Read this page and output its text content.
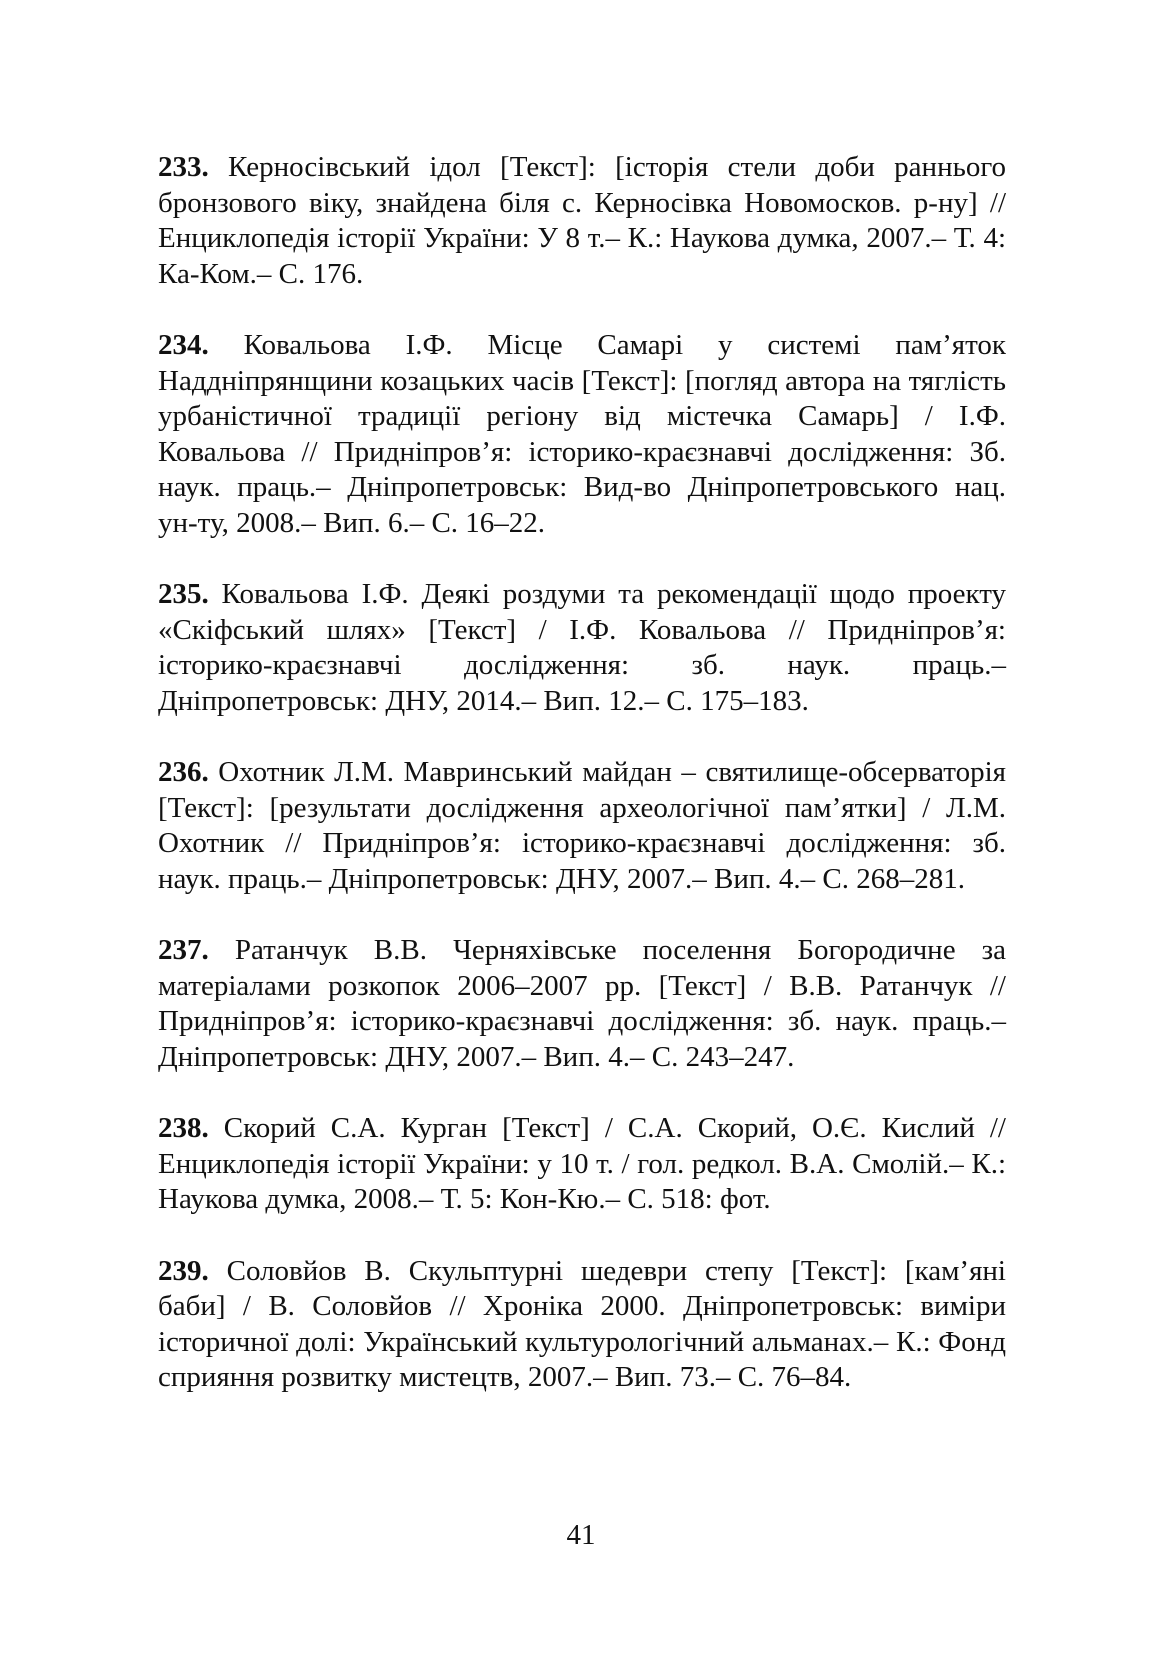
233. Керносівський ідол [Текст]: [історія стели доби раннього бронзового віку, знайдена біля с. Керносівка Новомосков. р-ну] // Енциклопедія історії України: У 8 т.– К.: Наукова думка, 2007.– Т. 4: Ка-Ком.– С. 176.

234. Ковальова І.Ф. Місце Самарі у системі пам’яток Наддніпрянщини козацьких часів [Текст]: [погляд автора на тяглість урбаністичної традиції регіону від містечка Самарь] / І.Ф. Ковальова // Придніпров’я: історико-краєзнавчі дослідження: Зб. наук. праць.– Дніпропетровськ: Вид-во Дніпропетровського нац. ун-ту, 2008.– Вип. 6.– С. 16–22.

235. Ковальова І.Ф. Деякі роздуми та рекомендації щодо проекту «Скіфський шлях» [Текст] / І.Ф. Ковальова // Придніпров’я: історико-краєзнавчі дослідження: зб. наук. праць.– Дніпропетровськ: ДНУ, 2014.– Вип. 12.– С. 175–183.

236. Охотник Л.М. Мавринський майдан – святилище-обсерваторія [Текст]: [результати дослідження археологічної пам’ятки] / Л.М. Охотник // Придніпров’я: історико-краєзнавчі дослідження: зб. наук. праць.– Дніпропетровськ: ДНУ, 2007.– Вип. 4.– С. 268–281.

237. Ратанчук В.В. Черняхівське поселення Богородичне за матеріалами розкопок 2006–2007 рр. [Текст] / В.В. Ратанчук // Придніпров’я: історико-краєзнавчі дослідження: зб. наук. праць.– Дніпропетровськ: ДНУ, 2007.– Вип. 4.– С. 243–247.

238. Скорий С.А. Курган [Текст] / С.А. Скорий, О.Є. Кислий // Енциклопедія історії України: у 10 т. / гол. редкол. В.А. Смолій.– К.: Наукова думка, 2008.– Т. 5: Кон-Кю.– С. 518: фот.

239. Соловйов В. Скульптурні шедеври степу [Текст]: [кам’яні баби] / В. Соловйов // Хроніка 2000. Дніпропетровськ: виміри історичної долі: Український культурологічний альманах.– К.: Фонд сприяння розвитку мистецтв, 2007.– Вип. 73.– С. 76–84.

41
